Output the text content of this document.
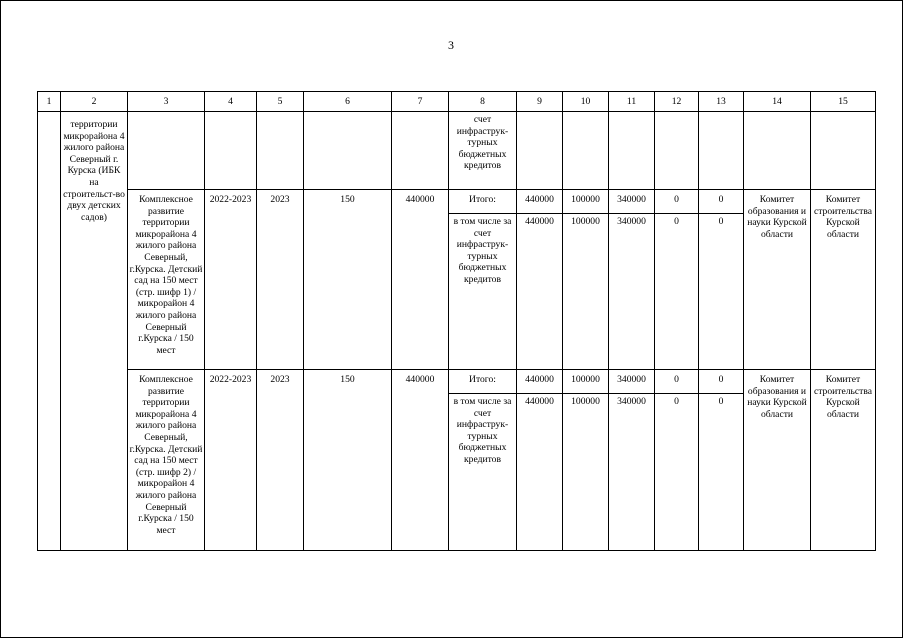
3
1	2	3	4	5	6	7	8	9	10	11	12	13	14	15
	территории микрорайона 4 жилого района Северный г. Курска (ИБК на строительст-во двух детских садов)						счет инфраструк-турных бюджетных кредитов							
		Комплексное развитие территории микрорайона 4 жилого района Северный, г.Курска. Детский сад на 150 мест (стр. шифр 1) / микрорайон 4 жилого района Северный г.Курска / 150 мест	2022-2023	2023	150	440000	Итого:	440000	100000	340000	0	0	Комитет образования и науки Курской области	Комитет строительства Курской области
							в том числе за счет инфраструк-турных бюджетных кредитов	440000	100000	340000	0	0		
		Комплексное развитие территории микрорайона 4 жилого района Северный, г.Курска. Детский сад на 150 мест (стр. шифр 2) / микрорайон 4 жилого района Северный г.Курска / 150 мест	2022-2023	2023	150	440000	Итого:	440000	100000	340000	0	0	Комитет образования и науки Курской области	Комитет строительства Курской области
							в том числе за счет инфраструк-турных бюджетных кредитов	440000	100000	340000	0	0		
